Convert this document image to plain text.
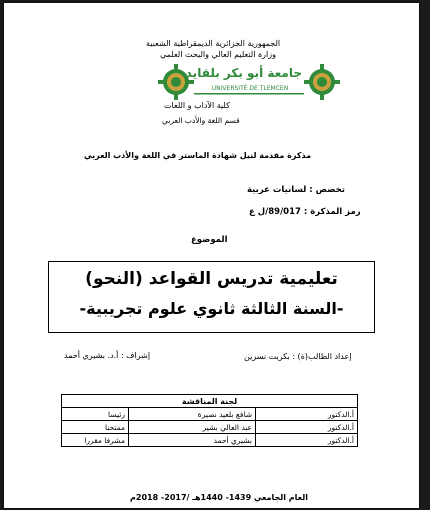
الجمهورية الجزائرية الديمقراطية الشعبية
وزارة التعليم العالي والبحث العلمي
جامعة أبو بكر بلقايد
UNIVERSITÉ DE TLEMCEN
كلية الآداب و اللغات
قسم اللغة والأدب العربي
مذكرة مقدمة لنيل شهادة الماستر في اللغة والأدب العربي
تخصص : لسانيات عربية
رمز المذكرة : 89/017/ل ع
الموضوع
تعليمية تدريس القواعد (النحو)
-السنة الثالثة ثانوي علوم تجريبية-
إعداد الطالب(ة) : بكريت نسرين
إشراف : أ.د. بشيري أحمد
لجنة المناقشة		
أ.الدكتور	شافع بلعيد نصيرة	رئيسا
أ.الدكتور	عبد العالي بشير	ممتحنا
أ.الدكتور	بشيري أحمد	مشرفا مقررا
العام الجامعي 1439- 1440هـ /2017- 2018م
